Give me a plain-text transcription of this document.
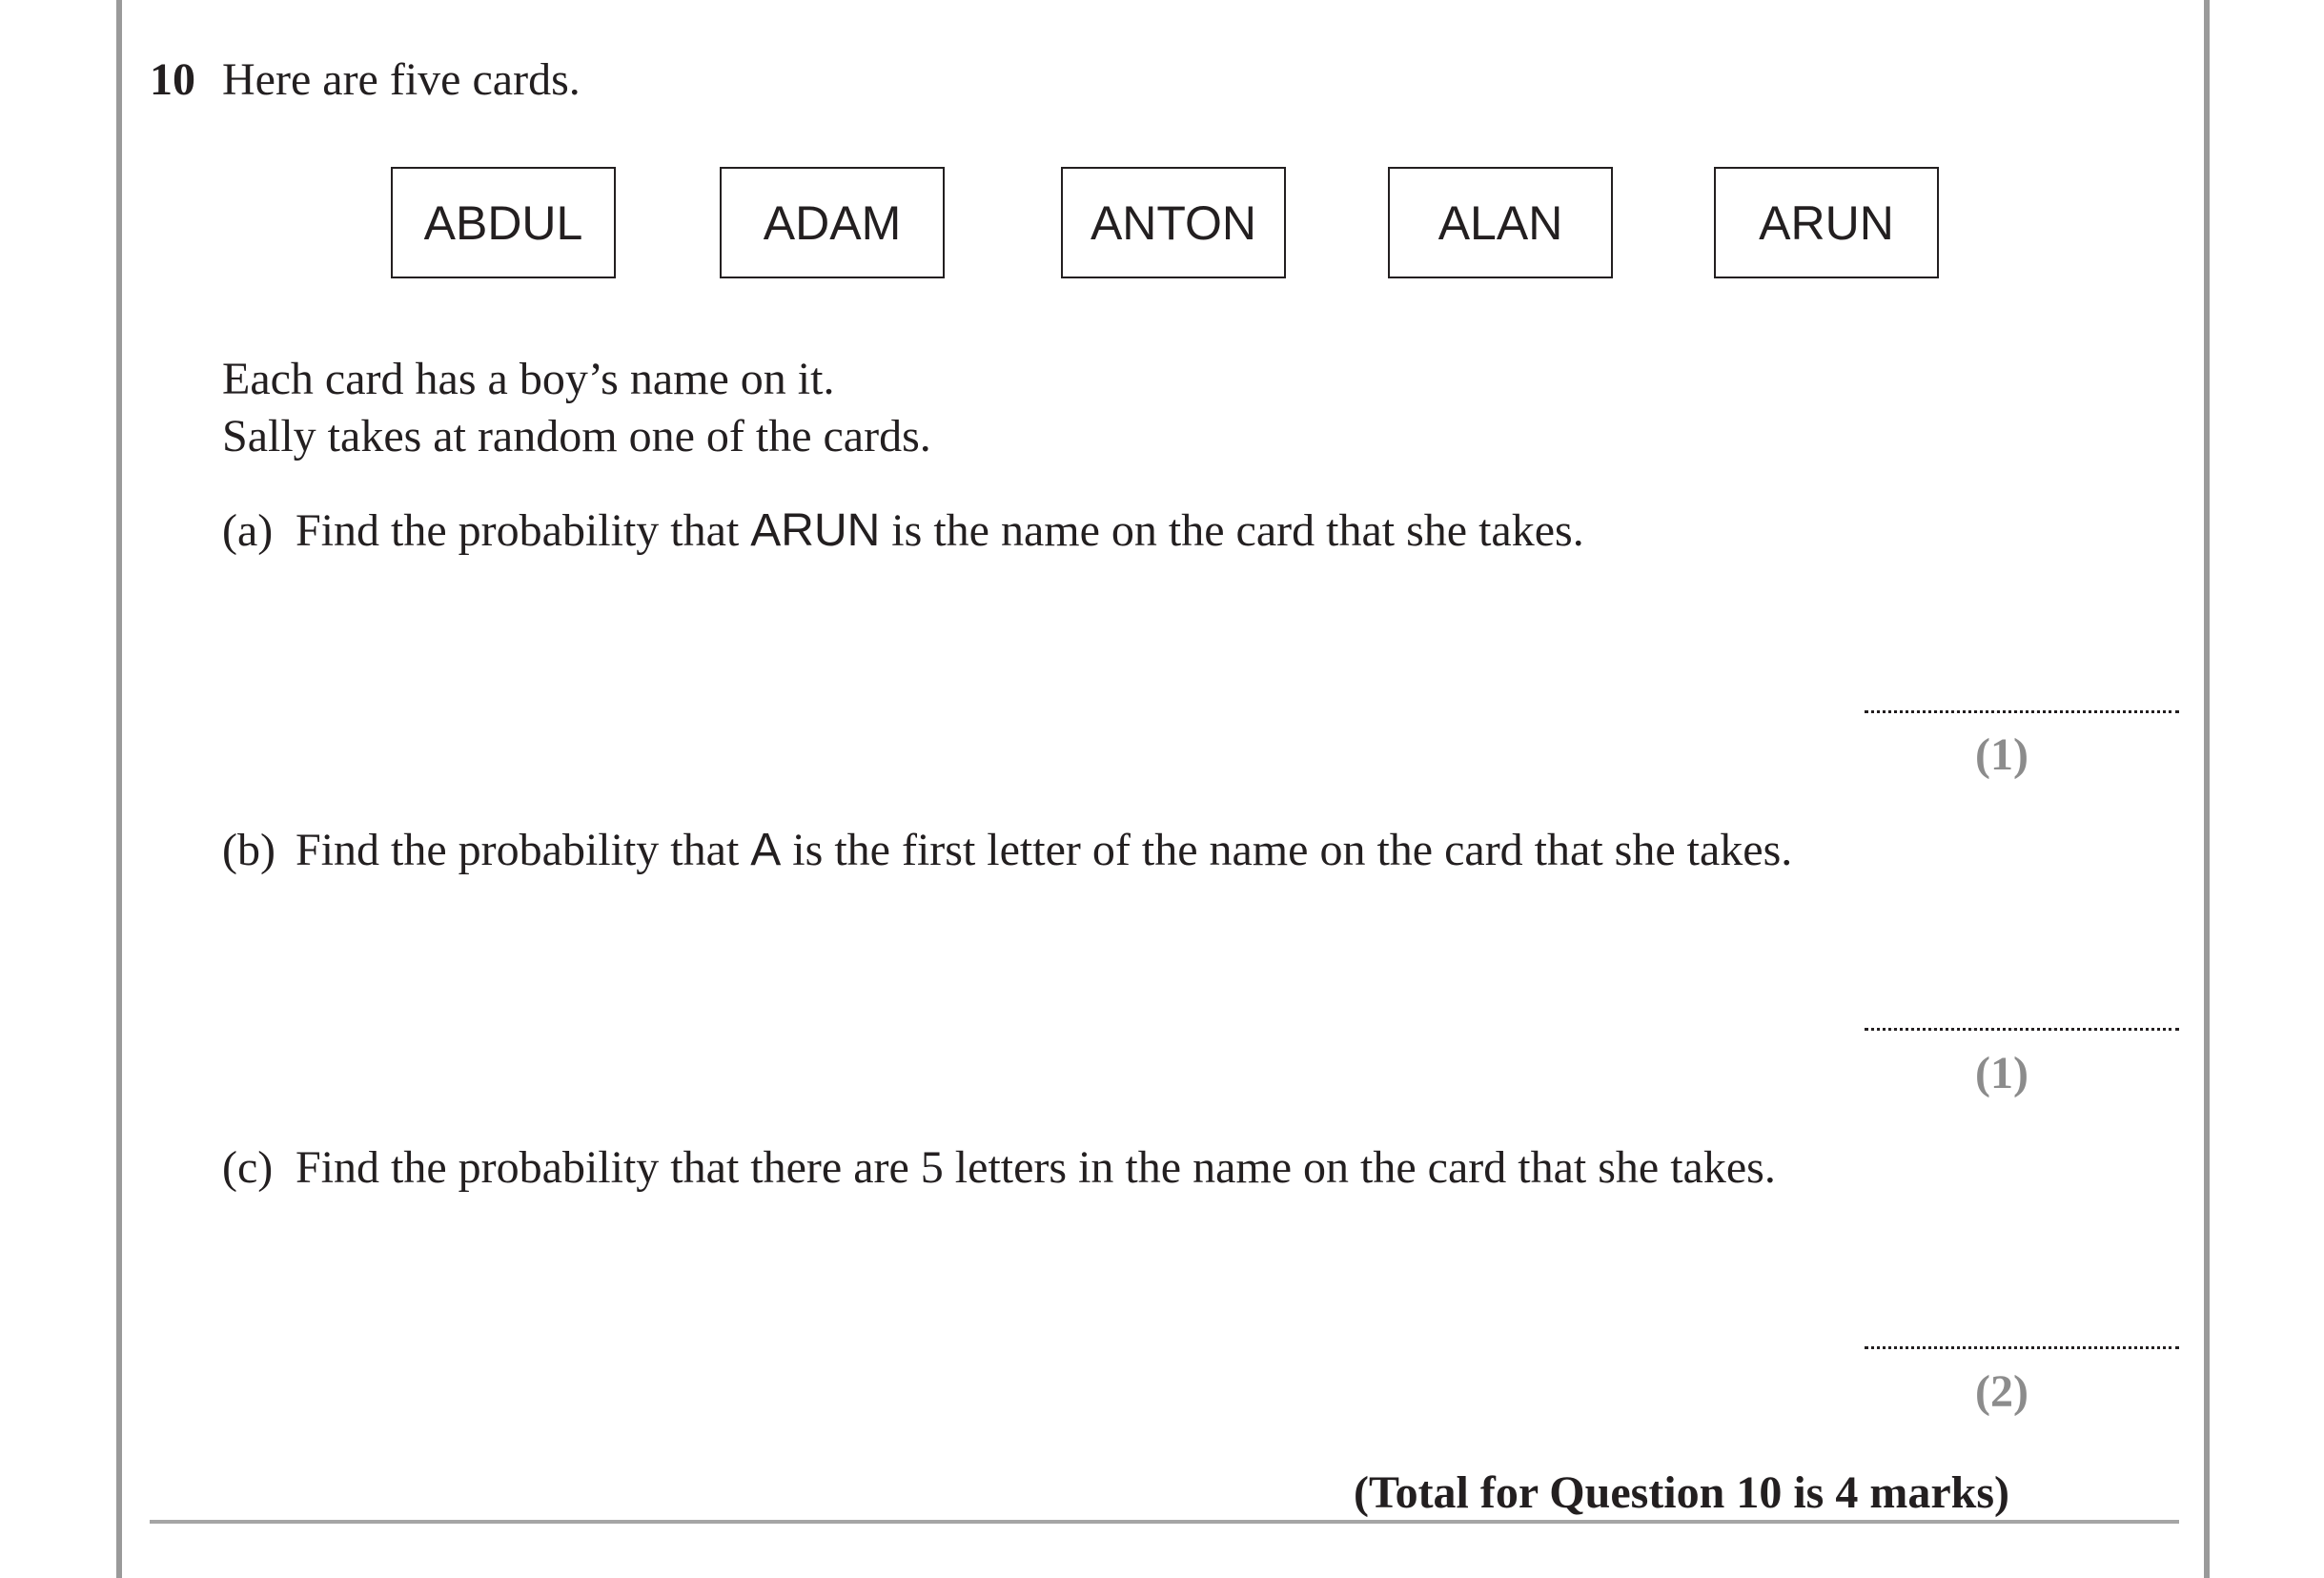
10 Here are five cards.
ABDUL	ADAM	ANTON	ALAN	ARUN
Each card has a boy’s name on it.
Sally takes at random one of the cards.
(a) Find the probability that ARUN is the name on the card that she takes.
(1)
(b) Find the probability that A is the first letter of the name on the card that she takes.
(1)
(c) Find the probability that there are 5 letters in the name on the card that she takes.
(2)
(Total for Question 10 is 4 marks)
